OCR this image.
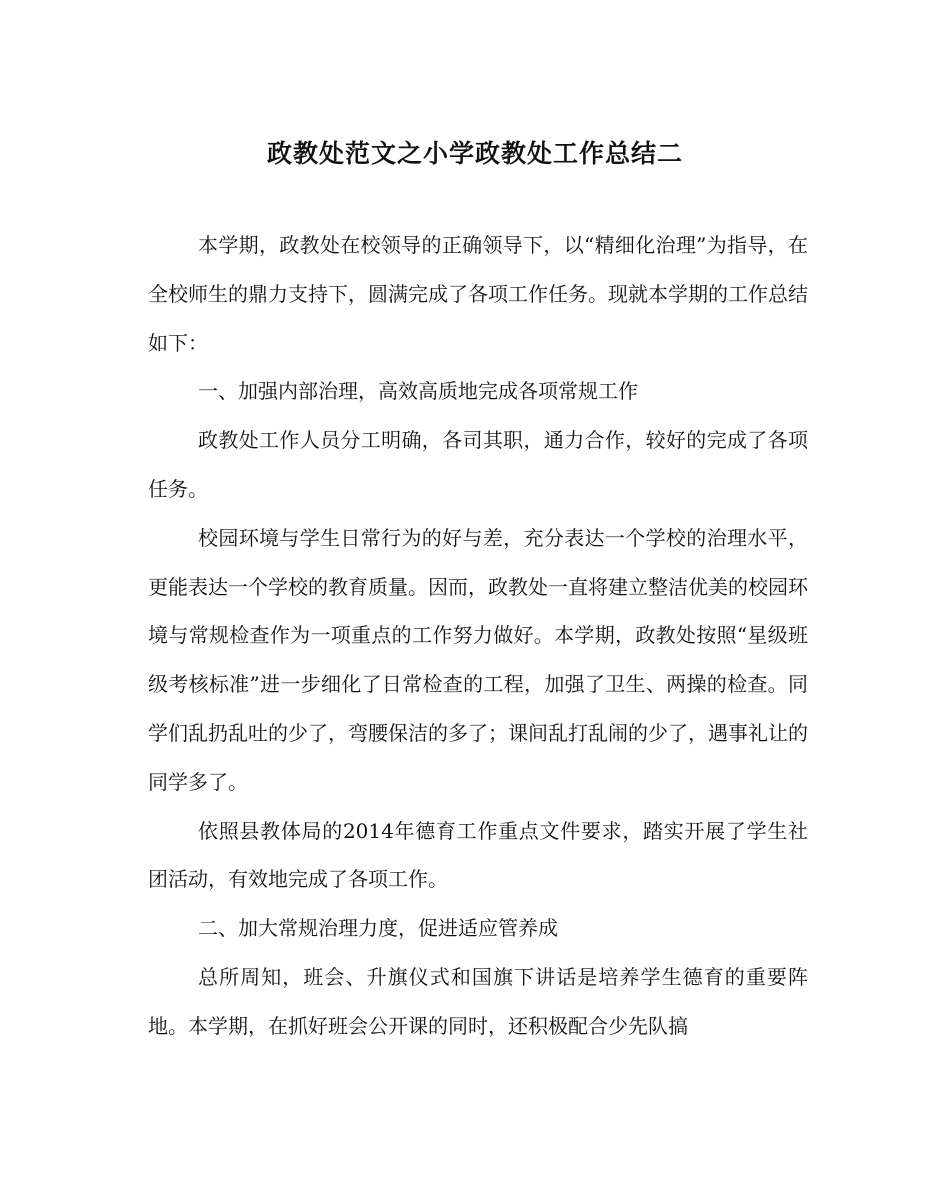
政教处范文之小学政教处工作总结二

本学期，政教处在校领导的正确领导下，以“精细化治理”为指导，在全校师生的鼎力支持下，圆满完成了各项工作任务。现就本学期的工作总结如下：

一、加强内部治理，高效高质地完成各项常规工作

政教处工作人员分工明确，各司其职，通力合作，较好的完成了各项任务。

校园环境与学生日常行为的好与差，充分表达一个学校的治理水平，更能表达一个学校的教育质量。因而，政教处一直将建立整洁优美的校园环境与常规检查作为一项重点的工作努力做好。本学期，政教处按照“星级班级考核标准”进一步细化了日常检查的工程，加强了卫生、两操的检查。同学们乱扔乱吐的少了，弯腰保洁的多了；课间乱打乱闹的少了，遇事礼让的同学多了。

依照县教体局的2014年德育工作重点文件要求，踏实开展了学生社团活动，有效地完成了各项工作。

二、加大常规治理力度，促进适应管养成

总所周知，班会、升旗仪式和国旗下讲话是培养学生德育的重要阵地。本学期，在抓好班会公开课的同时，还积极配合少先队搞
